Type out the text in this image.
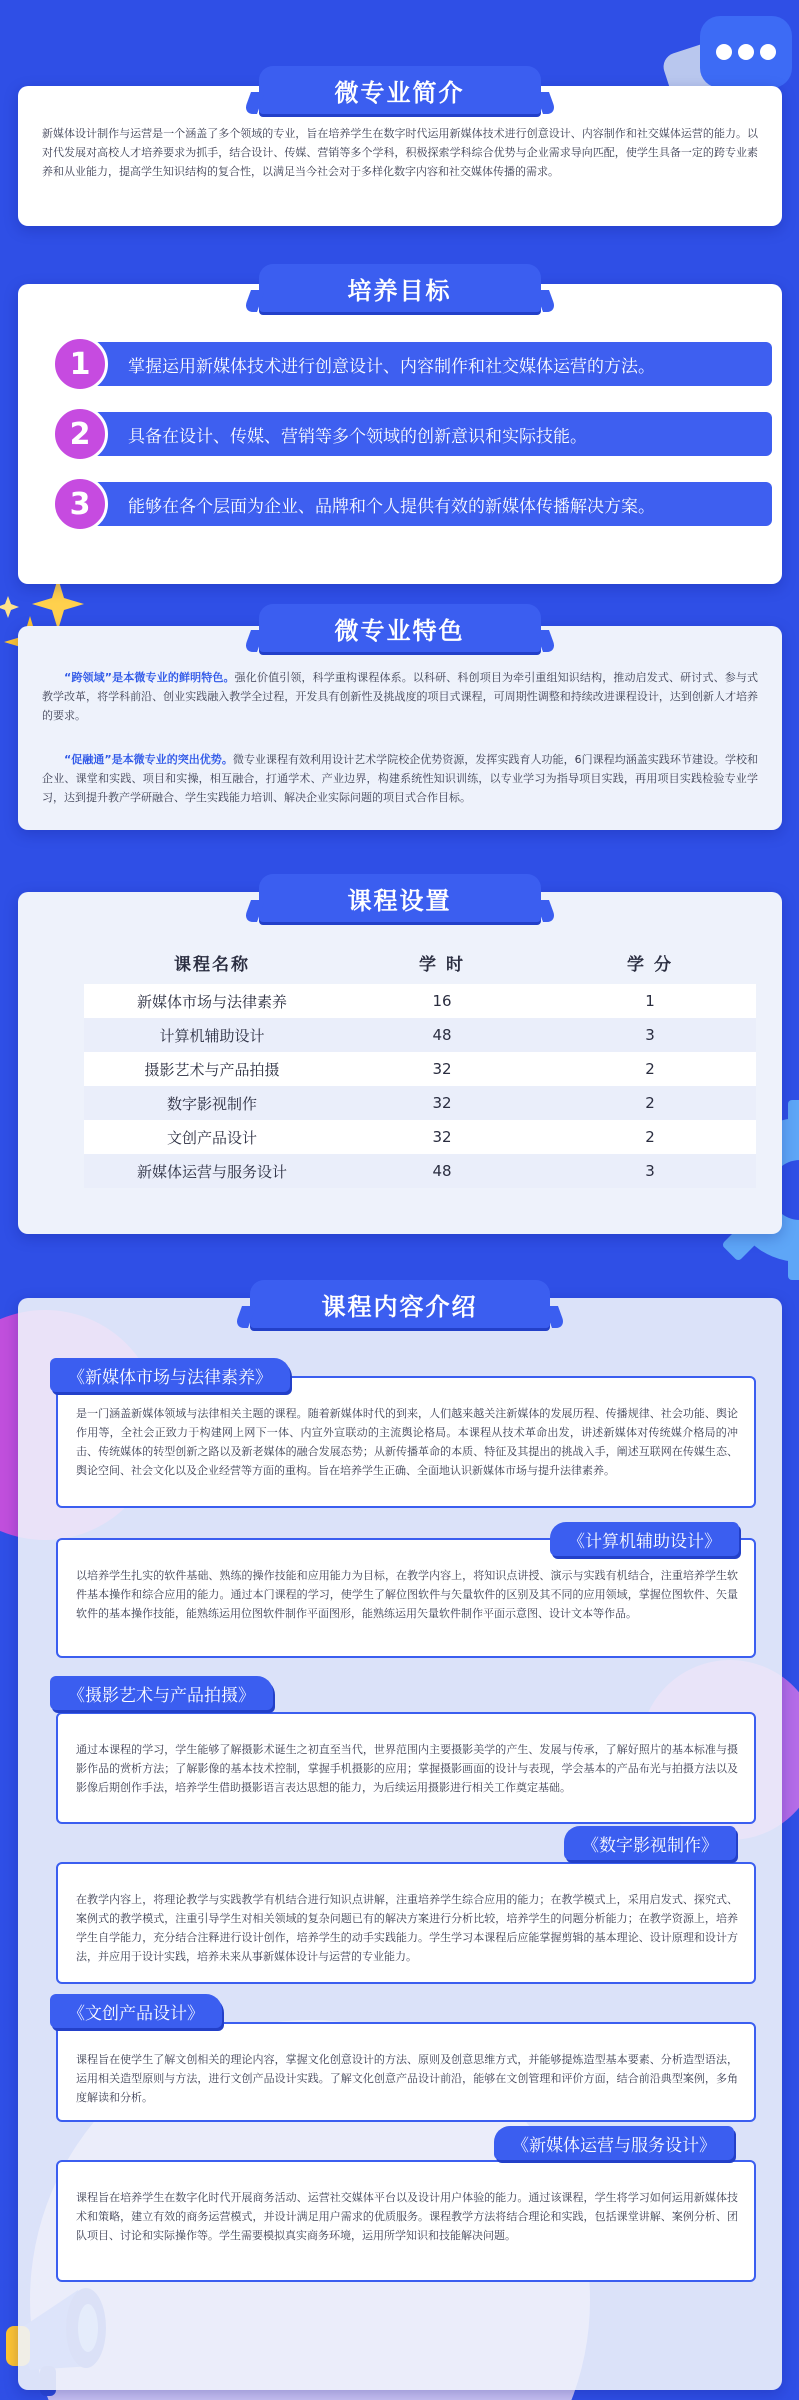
新媒体设计制作与运营是一个涵盖了多个领域的专业，旨在培养学生在数字时代运用新媒体技术进行创意设计、内容制作和社交媒体运营的能力。以对代发展对高校人才培养要求为抓手，结合设计、传媒、营销等多个学科，积极探索学科综合优势与企业需求导向匹配，使学生具备一定的跨专业素养和从业能力，提高学生知识结构的复合性，以满足当今社会对于多样化数字内容和社交媒体传播的需求。
微专业简介
1	掌握运用新媒体技术进行创意设计、内容制作和社交媒体运营的方法。
2	具备在设计、传媒、营销等多个领域的创新意识和实际技能。
3	能够在各个层面为企业、品牌和个人提供有效的新媒体传播解决方案。
培养目标
“跨领域”是本微专业的鲜明特色。强化价值引领，科学重构课程体系。以科研、科创项目为牵引重组知识结构，推动启发式、研讨式、参与式教学改革，将学科前沿、创业实践融入教学全过程，开发具有创新性及挑战度的项目式课程，可周期性调整和持续改进课程设计，达到创新人才培养的要求。
“促融通”是本微专业的突出优势。微专业课程有效利用设计艺术学院校企优势资源，发挥实践育人功能，6门课程均涵盖实践环节建设。学校和企业、课堂和实践、项目和实操，相互融合，打通学术、产业边界，构建系统性知识训练，以专业学习为指导项目实践，再用项目实践检验专业学习，达到提升教产学研融合、学生实践能力培训、解决企业实际问题的项目式合作目标。
微专业特色
课程名称	学 时	学 分
新媒体市场与法律素养	16	1
计算机辅助设计	48	3
摄影艺术与产品拍摄	32	2
数字影视制作	32	2
文创产品设计	32	2
新媒体运营与服务设计	48	3
课程设置
课程内容介绍
是一门涵盖新媒体领域与法律相关主题的课程。随着新媒体时代的到来，人们越来越关注新媒体的发展历程、传播规律、社会功能、舆论作用等，全社会正致力于构建网上网下一体、内宣外宣联动的主流舆论格局。本课程从技术革命出发，讲述新媒体对传统媒介格局的冲击、传统媒体的转型创新之路以及新老媒体的融合发展态势；从新传播革命的本质、特征及其提出的挑战入手，阐述互联网在传媒生态、舆论空间、社会文化以及企业经营等方面的重构。旨在培养学生正确、全面地认识新媒体市场与提升法律素养。
《新媒体市场与法律素养》
以培养学生扎实的软件基础、熟练的操作技能和应用能力为目标，在教学内容上，将知识点讲授、演示与实践有机结合，注重培养学生软件基本操作和综合应用的能力。通过本门课程的学习，使学生了解位图软件与矢量软件的区别及其不同的应用领域，掌握位图软件、矢量软件的基本操作技能，能熟练运用位图软件制作平面图形，能熟练运用矢量软件制作平面示意图、设计文本等作品。
《计算机辅助设计》
通过本课程的学习，学生能够了解摄影术诞生之初直至当代，世界范围内主要摄影美学的产生、发展与传承，了解好照片的基本标准与摄影作品的赏析方法；了解影像的基本技术控制，掌握手机摄影的应用；掌握摄影画面的设计与表现，学会基本的产品布光与拍摄方法以及影像后期创作手法，培养学生借助摄影语言表达思想的能力，为后续运用摄影进行相关工作奠定基础。
《摄影艺术与产品拍摄》
在教学内容上，将理论教学与实践教学有机结合进行知识点讲解，注重培养学生综合应用的能力；在教学模式上，采用启发式、探究式、案例式的教学模式，注重引导学生对相关领域的复杂问题已有的解决方案进行分析比较，培养学生的问题分析能力；在教学资源上，培养学生自学能力，充分结合注释进行设计创作，培养学生的动手实践能力。学生学习本课程后应能掌握剪辑的基本理论、设计原理和设计方法，并应用于设计实践，培养未来从事新媒体设计与运营的专业能力。
《数字影视制作》
课程旨在使学生了解文创相关的理论内容，掌握文化创意设计的方法、原则及创意思维方式，并能够提炼造型基本要素、分析造型语法，运用相关造型原则与方法，进行文创产品设计实践。了解文化创意产品设计前沿，能够在文创管理和评价方面，结合前沿典型案例，多角度解读和分析。
《文创产品设计》
课程旨在培养学生在数字化时代开展商务活动、运营社交媒体平台以及设计用户体验的能力。通过该课程，学生将学习如何运用新媒体技术和策略，建立有效的商务运营模式，并设计满足用户需求的优质服务。课程教学方法将结合理论和实践，包括课堂讲解、案例分析、团队项目、讨论和实际操作等。学生需要模拟真实商务环境，运用所学知识和技能解决问题。
《新媒体运营与服务设计》
